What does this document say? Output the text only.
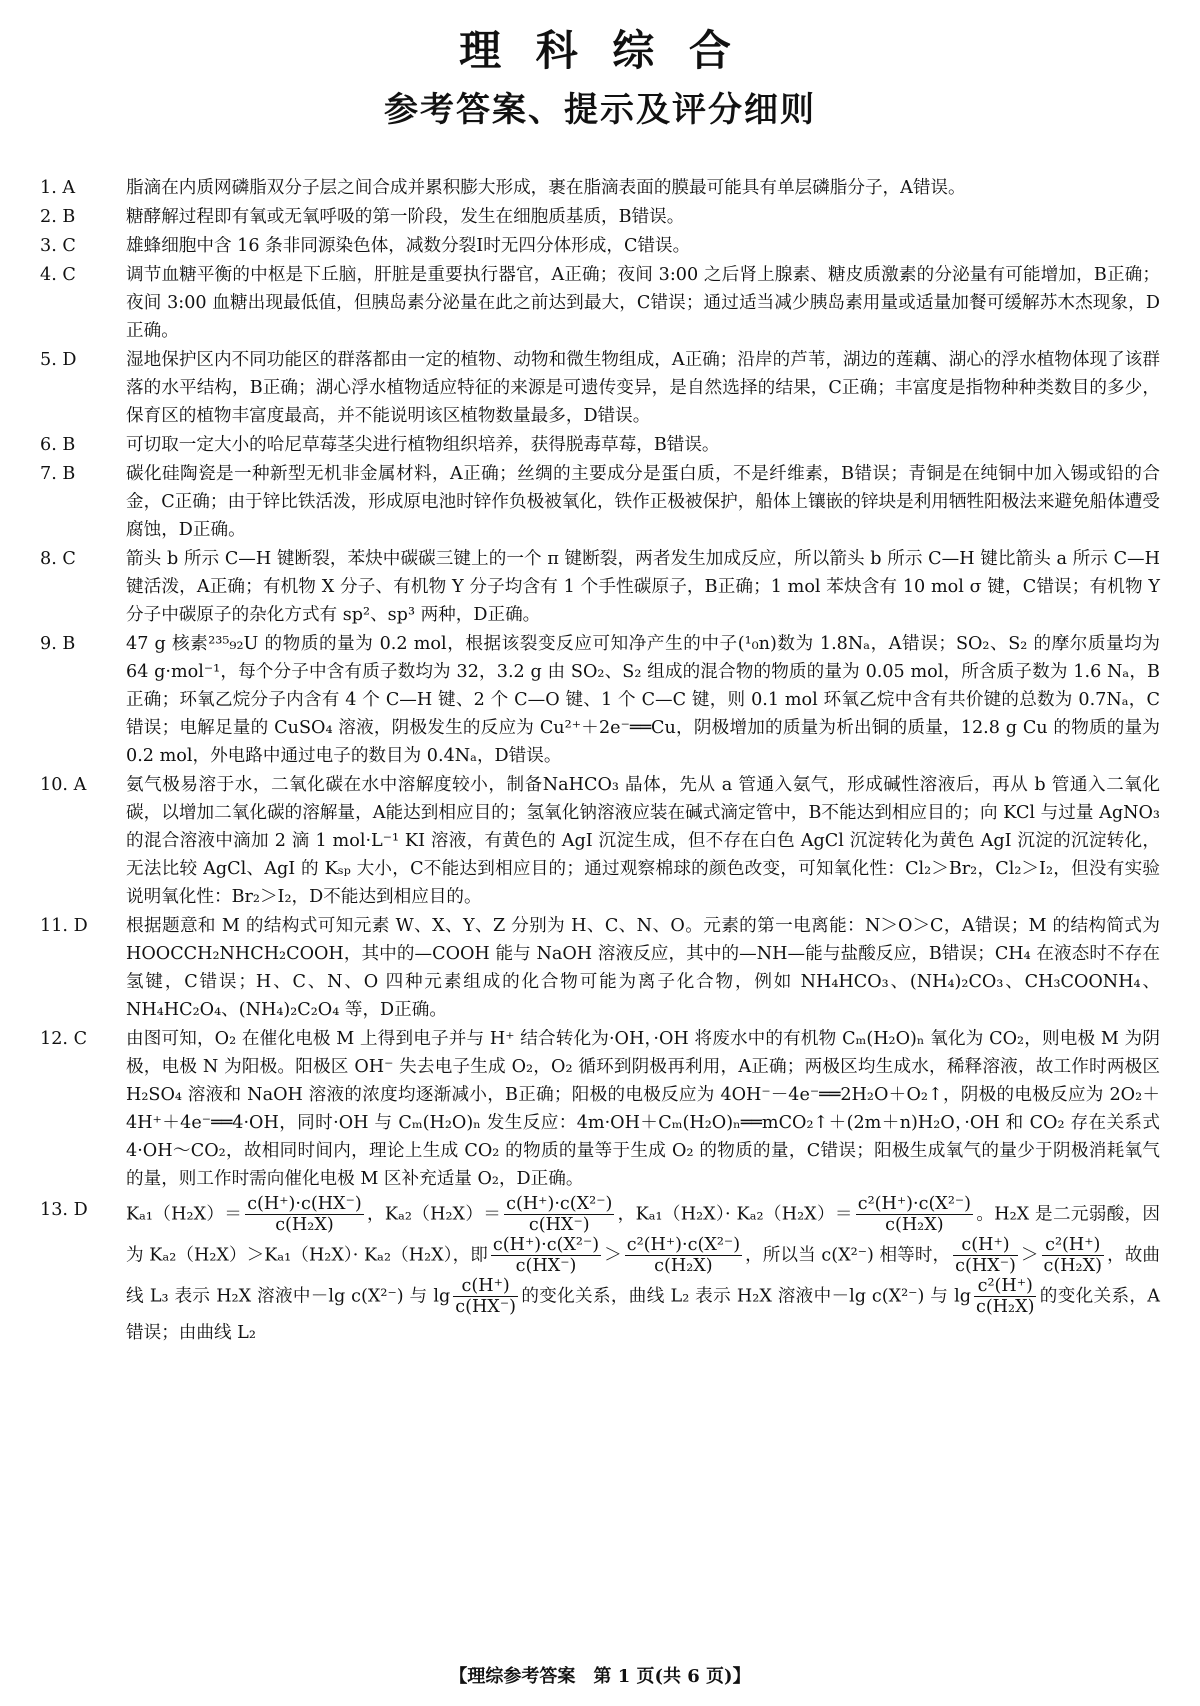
理 科 综 合
参考答案、提示及评分细则
1. A	脂滴在内质网磷脂双分子层之间合成并累积膨大形成，裹在脂滴表面的膜最可能具有单层磷脂分子，A错误。
2. B	糖酵解过程即有氧或无氧呼吸的第一阶段，发生在细胞质基质，B错误。
3. C	雄蜂细胞中含 16 条非同源染色体，减数分裂Ⅰ时无四分体形成，C错误。
4. C	调节血糖平衡的中枢是下丘脑，肝脏是重要执行器官，A正确；夜间 3:00 之后肾上腺素、糖皮质激素的分泌量有可能增加，B正确；夜间 3:00 血糖出现最低值，但胰岛素分泌量在此之前达到最大，C错误；通过适当减少胰岛素用量或适量加餐可缓解苏木杰现象，D正确。
5. D	湿地保护区内不同功能区的群落都由一定的植物、动物和微生物组成，A正确；沿岸的芦苇，湖边的莲藕、湖心的浮水植物体现了该群落的水平结构，B正确；湖心浮水植物适应特征的来源是可遗传变异，是自然选择的结果，C正确；丰富度是指物种种类数目的多少，保育区的植物丰富度最高，并不能说明该区植物数量最多，D错误。
6. B	可切取一定大小的哈尼草莓茎尖进行植物组织培养，获得脱毒草莓，B错误。
7. B	碳化硅陶瓷是一种新型无机非金属材料，A正确；丝绸的主要成分是蛋白质，不是纤维素，B错误；青铜是在纯铜中加入锡或铅的合金，C正确；由于锌比铁活泼，形成原电池时锌作负极被氧化，铁作正极被保护，船体上镶嵌的锌块是利用牺牲阳极法来避免船体遭受腐蚀，D正确。
8. C	箭头 b 所示 C—H 键断裂，苯炔中碳碳三键上的一个 π 键断裂，两者发生加成反应，所以箭头 b 所示 C—H 键比箭头 a 所示 C—H 键活泼，A正确；有机物 X 分子、有机物 Y 分子均含有 1 个手性碳原子，B正确；1 mol 苯炔含有 10 mol σ 键，C错误；有机物 Y 分子中碳原子的杂化方式有 sp²、sp³ 两种，D正确。
9. B	47 g 核素²³⁵₉₂U 的物质的量为 0.2 mol，根据该裂变反应可知净产生的中子(¹₀n)数为 1.8Nₐ，A错误；SO₂、S₂ 的摩尔质量均为 64 g·mol⁻¹，每个分子中含有质子数均为 32，3.2 g 由 SO₂、S₂ 组成的混合物的物质的量为 0.05 mol，所含质子数为 1.6 Nₐ，B正确；环氧乙烷分子内含有 4 个 C—H 键、2 个 C—O 键、1 个 C—C 键，则 0.1 mol 环氧乙烷中含有共价键的总数为 0.7Nₐ，C错误；电解足量的 CuSO₄ 溶液，阴极发生的反应为 Cu²⁺＋2e⁻══Cu，阴极增加的质量为析出铜的质量，12.8 g Cu 的物质的量为 0.2 mol，外电路中通过电子的数目为 0.4Nₐ，D错误。
10. A	氨气极易溶于水，二氧化碳在水中溶解度较小，制备NaHCO₃ 晶体，先从 a 管通入氨气，形成碱性溶液后，再从 b 管通入二氧化碳，以增加二氧化碳的溶解量，A能达到相应目的；氢氧化钠溶液应装在碱式滴定管中，B不能达到相应目的；向 KCl 与过量 AgNO₃ 的混合溶液中滴加 2 滴 1 mol·L⁻¹ KI 溶液，有黄色的 AgI 沉淀生成，但不存在白色 AgCl 沉淀转化为黄色 AgI 沉淀的沉淀转化，无法比较 AgCl、AgI 的 Kₛₚ 大小，C不能达到相应目的；通过观察棉球的颜色改变，可知氧化性：Cl₂＞Br₂，Cl₂＞I₂，但没有实验说明氧化性：Br₂＞I₂，D不能达到相应目的。
11. D	根据题意和 M 的结构式可知元素 W、X、Y、Z 分别为 H、C、N、O。元素的第一电离能：N＞O＞C，A错误；M 的结构简式为 HOOCCH₂NHCH₂COOH，其中的—COOH 能与 NaOH 溶液反应，其中的—NH—能与盐酸反应，B错误；CH₄ 在液态时不存在氢键，C错误；H、C、N、O 四种元素组成的化合物可能为离子化合物，例如 NH₄HCO₃、(NH₄)₂CO₃、CH₃COONH₄、NH₄HC₂O₄、(NH₄)₂C₂O₄ 等，D正确。
12. C	由图可知，O₂ 在催化电极 M 上得到电子并与 H⁺ 结合转化为·OH，·OH 将废水中的有机物 Cₘ(H₂O)ₙ 氧化为 CO₂，则电极 M 为阴极，电极 N 为阳极。阳极区 OH⁻ 失去电子生成 O₂，O₂ 循环到阴极再利用，A正确；两极区均生成水，稀释溶液，故工作时两极区 H₂SO₄ 溶液和 NaOH 溶液的浓度均逐渐减小，B正确；阳极的电极反应为 4OH⁻－4e⁻══2H₂O＋O₂↑，阴极的电极反应为 2O₂＋4H⁺＋4e⁻══4·OH，同时·OH 与 Cₘ(H₂O)ₙ 发生反应：4m·OH＋Cₘ(H₂O)ₙ══mCO₂↑＋(2m＋n)H₂O，·OH 和 CO₂ 存在关系式 4·OH～CO₂，故相同时间内，理论上生成 CO₂ 的物质的量等于生成 O₂ 的物质的量，C错误；阳极生成氧气的量少于阴极消耗氧气的量，则工作时需向催化电极 M 区补充适量 O₂，D正确。
13. D	$K_{a1}(H_2X)= \frac{c(H^+)\cdot c(HX^-)}{\text{c(H₂X)}}$ ，$K_{a2}(H_2X)= \frac{\text{c(H⁺)·c(X²⁻)}}{c(HX^-)}$ ，$K_{a1}(H_2X)\cdot K_{a2}(H_2X)= \frac{\text{c²(H⁺)·c(X²⁻)}}{\text{c(H₂X)}}$ 。H₂X 是二元弱酸，因为 Kₐ₂（H₂X）＞Kₐ₁（H₂X）· Kₐ₂（H₂X），即 $\frac{\text{c(H⁺)·c(X²⁻)}}{c(HX^-)} > \frac{\text{c²(H⁺)·c(X²⁻)}}{\text{c(H₂X)}}$ ，所以当 c(X²⁻) 相等时， $\frac{c(H^+)}{c(HX^-)} > \frac{\text{c²(H⁺)}}{\text{c(H₂X)}}$ ，故曲线 L₃ 表示 H₂X 溶液中－lg c(X²⁻) 与 $\lg \frac{c(H^+)}{c(HX^-)}$ 的变化关系，曲线 L₂ 表示 H₂X 溶液中－lg c(X²⁻) 与 $\lg \frac{\text{c²(H⁺)}}{\text{c(H₂X)}}$ 的变化关系，A错误；由曲线 L₂
【理综参考答案　第 1 页(共 6 页)】
